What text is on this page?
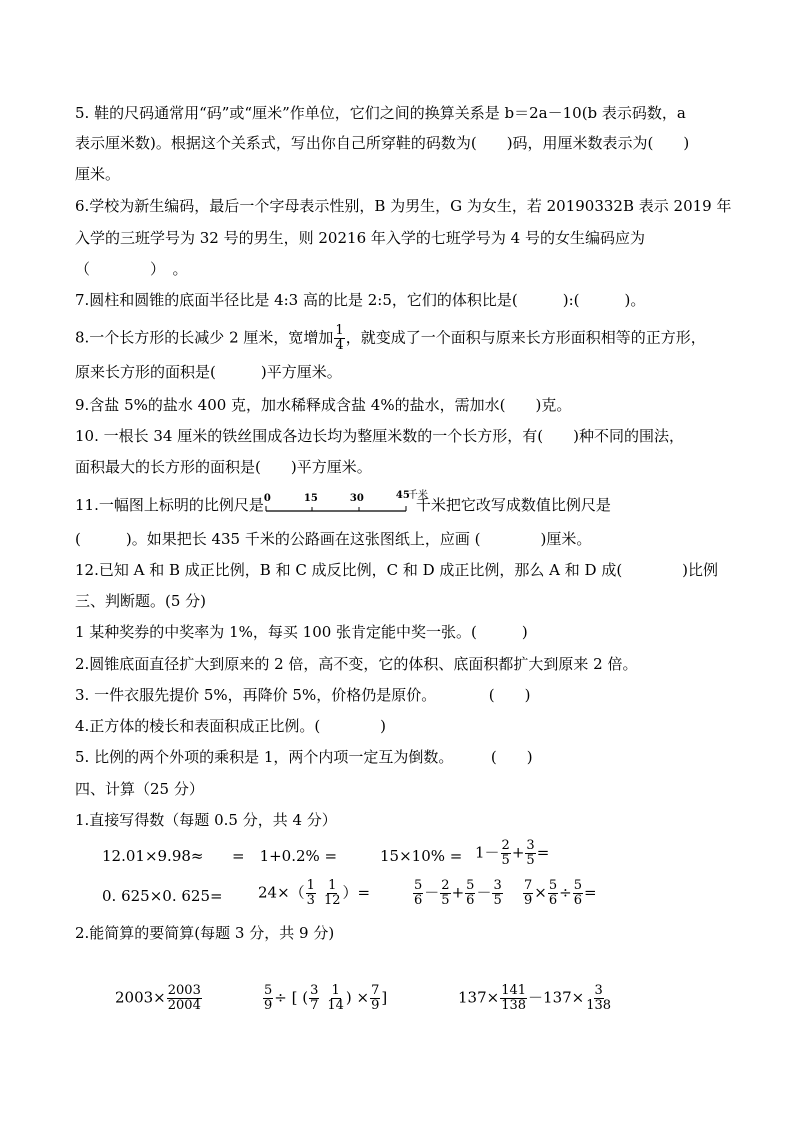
5. 鞋的尺码通常用“码”或“厘米”作单位，它们之间的换算关系是 b＝2a－10(b 表示码数，a
表示厘米数)。根据这个关系式，写出你自己所穿鞋的码数为(　　)码，用厘米数表示为(　　)
厘米。
6.学校为新生编码，最后一个字母表示性别，B 为男生，G 为女生，若 20190332B 表示 2019 年
入学的三班学号为 32 号的男生，则 20216 年入学的七班学号为 4 号的女生编码应为
（　　　　）　。
7.圆柱和圆锥的底面半径比是 4:3 高的比是 2:5，它们的体积比是(　　　):(　　　)。
8.一个长方形的长减少 2 厘米，宽增加 $\frac{1}{4}$ ，就变成了一个面积与原来长方形面积相等的正方形，
原来长方形的面积是(　　　)平方厘米。
9.含盐 5%的盐水 400 克，加水稀释成含盐 4%的盐水，需加水(　　)克。
10. 一根长 34 厘米的铁丝围成各边长均为整厘米数的一个长方形，有(　　)种不同的围法，
面积最大的长方形的面积是(　　)平方厘米。
11.一幅图上标明的比例尺是 0	15	30	45
千米
千米把它改写成数值比例尺是
(　　　)。如果把长 435 千米的公路画在这张图纸上，应画 (　　　　)厘米。
12.已知 A 和 B 成正比例，B 和 C 成反比例，C 和 D 成正比例，那么 A 和 D 成(　　　　)比例
三、判断题。(5 分)
1 某种奖券的中奖率为 1%，每买 100 张肯定能中奖一张。(　　　)
2.圆锥底面直径扩大到原来的 2 倍，高不变，它的体积、底面积都扩大到原来 2 倍。
3. 一件衣服先提价 5%，再降价 5%，价格仍是原价。　　　　(　　)
4.正方体的棱长和表面积成正比例。(　　　　)
5. 比例的两个外项的乘积是 1，两个内项一定互为倒数。　　　(　　)
四、计算（25 分）
1.直接写得数（每题 0.5 分，共 4 分）
12.01×9.98≈ =　1+0.2% =	$15\times 10\% = 1- \frac{2}{5} + \frac{3}{5}$ =
0. 625×0. $625= 24\times( \frac{1}{3} \frac{1}{12}$ ）=	$\frac{5}{6} - \frac{2}{5} + \frac{5}{6} - \frac{3}{5} \frac{7}{9} \times \frac{5}{6} \div \frac{5}{6}$ =
2.能简算的要简算(每题 3 分，共 9 分)
$2003\times \frac{2003}{2004}$	$\frac{5}{9}$ ÷ [ ( $\frac{3}{7} \frac{1}{14}$ ) × $\frac{7}{9}$ ]	$137\times \frac{141}{138} -137\times \frac{3}{138}$
